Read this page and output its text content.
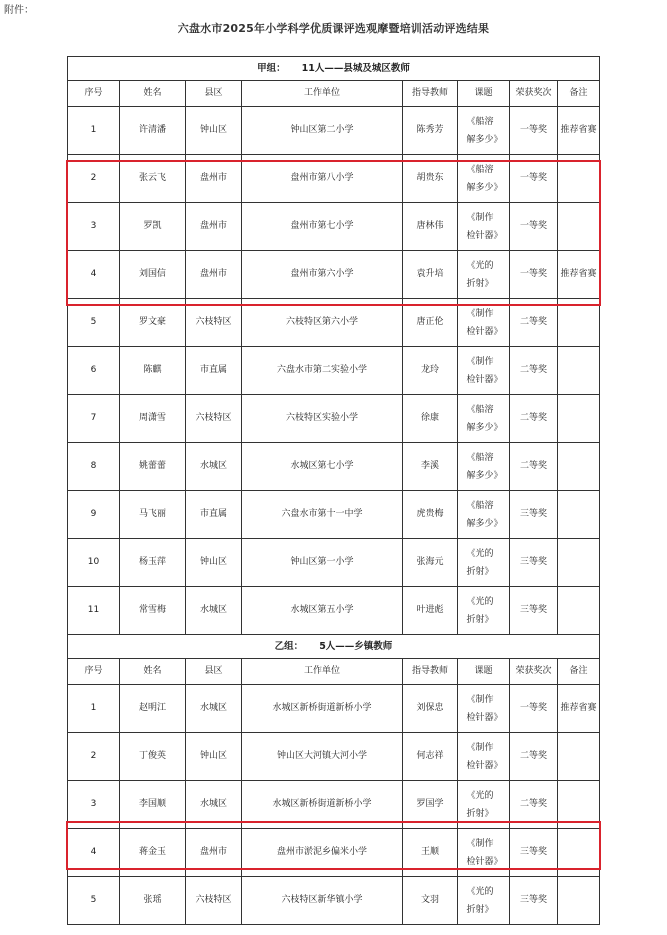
附件：
六盘水市2025年小学科学优质课评选观摩暨培训活动评选结果
甲组： 11人——县城及城区教师							
序号	姓名	县区	工作单位	指导教师	课题	荣获奖次	备注
1	许清潘	钟山区	钟山区第二小学	陈秀芳	《船溶解多少》	一等奖	推荐省赛
2	张云飞	盘州市	盘州市第八小学	胡贵东	《船溶解多少》	一等奖	
3	罗凯	盘州市	盘州市第七小学	唐林伟	《制作检针器》	一等奖	
4	刘国信	盘州市	盘州市第六小学	袁升培	《光的折射》	一等奖	推荐省赛
5	罗文豪	六枝特区	六枝特区第六小学	唐正伦	《制作检针器》	二等奖	
6	陈麒	市直属	六盘水市第二实验小学	龙玲	《制作检针器》	二等奖	
7	周潇雪	六枝特区	六枝特区实验小学	徐康	《船溶解多少》	二等奖	
8	姚蕾蕾	水城区	水城区第七小学	李溪	《船溶解多少》	二等奖	
9	马飞丽	市直属	六盘水市第十一中学	虎贵梅	《船溶解多少》	三等奖	
10	杨玉萍	钟山区	钟山区第一小学	张海元	《光的折射》	三等奖	
11	常雪梅	水城区	水城区第五小学	叶进彪	《光的折射》	三等奖	
乙组： 5人——乡镇教师							
序号	姓名	县区	工作单位	指导教师	课题	荣获奖次	备注
1	赵明江	水城区	水城区新桥街道新桥小学	刘保忠	《制作检针器》	一等奖	推荐省赛
2	丁俊英	钟山区	钟山区大河镇大河小学	何志祥	《制作检针器》	二等奖	
3	李国顺	水城区	水城区新桥街道新桥小学	罗国学	《光的折射》	二等奖	
4	蒋金玉	盘州市	盘州市淤泥乡偏米小学	王顺	《制作检针器》	三等奖	
5	张瑶	六枝特区	六枝特区新华镇小学	文羽	《光的折射》	三等奖	
